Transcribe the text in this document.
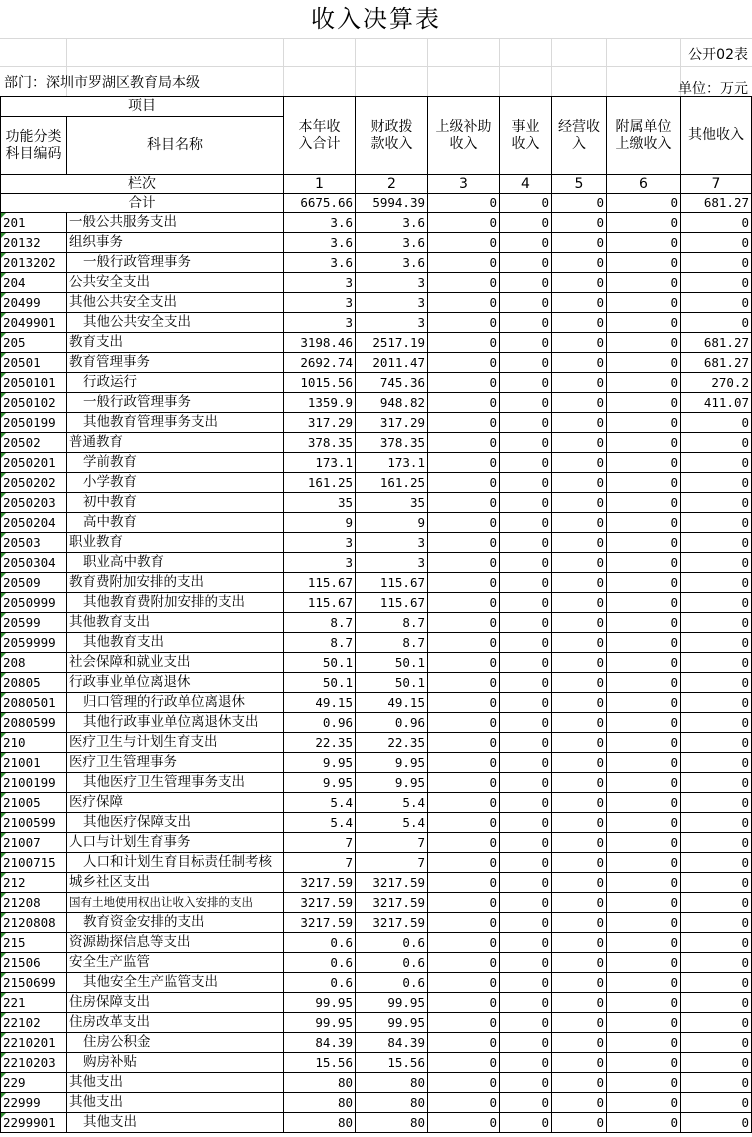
收入决算表
公开02表
部门：深圳市罗湖区教育局本级	单位：万元
项目		本年收入合计	财政拨款收入	上级补助收入	事业收入	经营收入	附属单位上缴收入	其他收入
功能分类科目编码	科目名称							
栏次		1	2	3	4	5	6	7
合计		6675.66	5994.39	0	0	0	0	681.27

201	一般公共服务支出	3.6	3.6	0	0	0	0	0

20132	组织事务	3.6	3.6	0	0	0	0	0

2013202	一般行政管理事务	3.6	3.6	0	0	0	0	0

204	公共安全支出	3	3	0	0	0	0	0

20499	其他公共安全支出	3	3	0	0	0	0	0

2049901	其他公共安全支出	3	3	0	0	0	0	0

205	教育支出	3198.46	2517.19	0	0	0	0	681.27

20501	教育管理事务	2692.74	2011.47	0	0	0	0	681.27

2050101	行政运行	1015.56	745.36	0	0	0	0	270.2

2050102	一般行政管理事务	1359.9	948.82	0	0	0	0	411.07

2050199	其他教育管理事务支出	317.29	317.29	0	0	0	0	0

20502	普通教育	378.35	378.35	0	0	0	0	0

2050201	学前教育	173.1	173.1	0	0	0	0	0

2050202	小学教育	161.25	161.25	0	0	0	0	0

2050203	初中教育	35	35	0	0	0	0	0

2050204	高中教育	9	9	0	0	0	0	0

20503	职业教育	3	3	0	0	0	0	0

2050304	职业高中教育	3	3	0	0	0	0	0

20509	教育费附加安排的支出	115.67	115.67	0	0	0	0	0

2050999	其他教育费附加安排的支出	115.67	115.67	0	0	0	0	0

20599	其他教育支出	8.7	8.7	0	0	0	0	0

2059999	其他教育支出	8.7	8.7	0	0	0	0	0

208	社会保障和就业支出	50.1	50.1	0	0	0	0	0

20805	行政事业单位离退休	50.1	50.1	0	0	0	0	0

2080501	归口管理的行政单位离退休	49.15	49.15	0	0	0	0	0

2080599	其他行政事业单位离退休支出	0.96	0.96	0	0	0	0	0

210	医疗卫生与计划生育支出	22.35	22.35	0	0	0	0	0

21001	医疗卫生管理事务	9.95	9.95	0	0	0	0	0

2100199	其他医疗卫生管理事务支出	9.95	9.95	0	0	0	0	0

21005	医疗保障	5.4	5.4	0	0	0	0	0

2100599	其他医疗保障支出	5.4	5.4	0	0	0	0	0

21007	人口与计划生育事务	7	7	0	0	0	0	0

2100715	人口和计划生育目标责任制考核	7	7	0	0	0	0	0

212	城乡社区支出	3217.59	3217.59	0	0	0	0	0

21208	国有土地使用权出让收入安排的支出	3217.59	3217.59	0	0	0	0	0

2120808	教育资金安排的支出	3217.59	3217.59	0	0	0	0	0

215	资源勘探信息等支出	0.6	0.6	0	0	0	0	0

21506	安全生产监管	0.6	0.6	0	0	0	0	0

2150699	其他安全生产监管支出	0.6	0.6	0	0	0	0	0

221	住房保障支出	99.95	99.95	0	0	0	0	0

22102	住房改革支出	99.95	99.95	0	0	0	0	0

2210201	住房公积金	84.39	84.39	0	0	0	0	0

2210203	购房补贴	15.56	15.56	0	0	0	0	0

229	其他支出	80	80	0	0	0	0	0

22999	其他支出	80	80	0	0	0	0	0

2299901	其他支出	80	80	0	0	0	0	0
